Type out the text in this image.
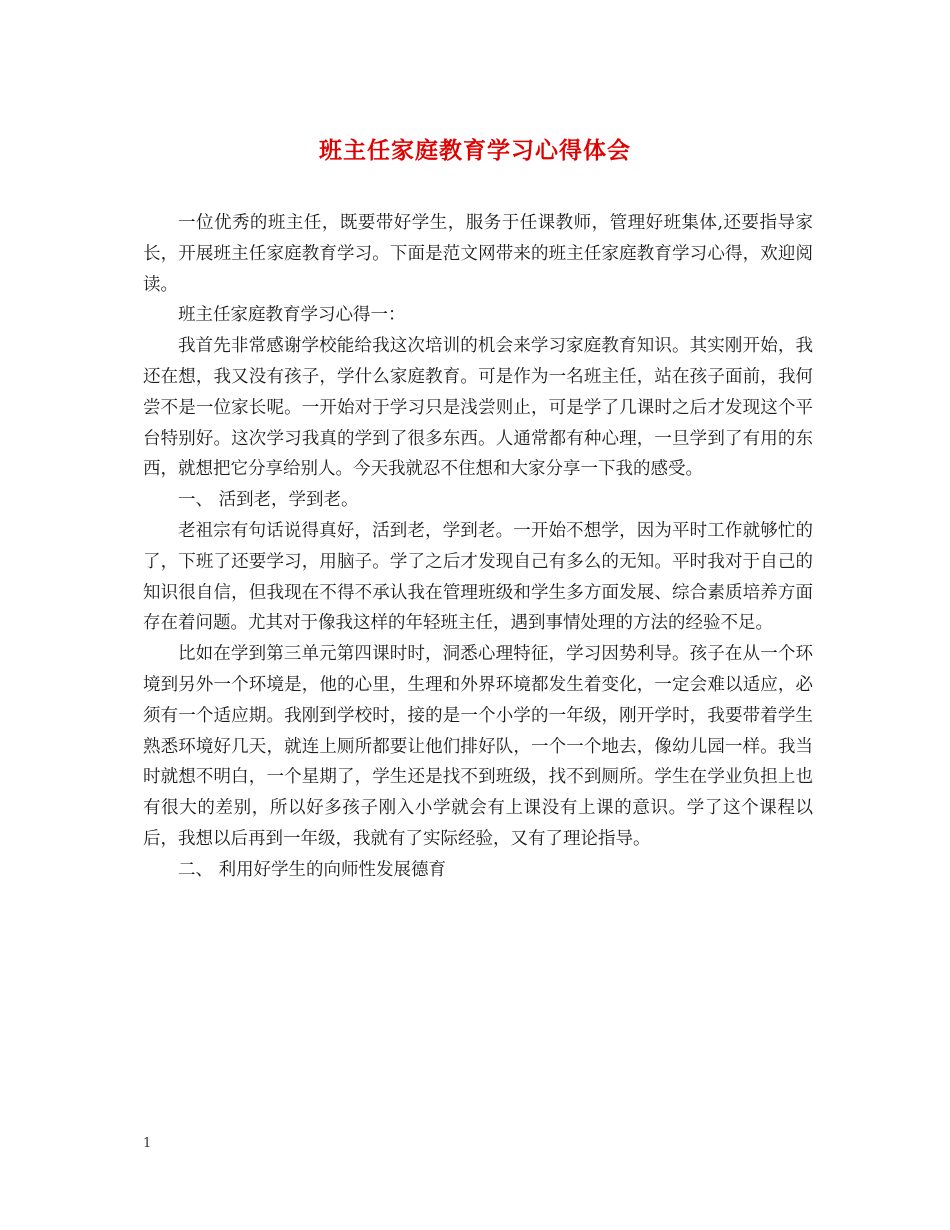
班主任家庭教育学习心得体会

一位优秀的班主任，既要带好学生，服务于任课教师，管理好班集体,还要指导家长，开展班主任家庭教育学习。下面是范文网带来的班主任家庭教育学习心得，欢迎阅读。

班主任家庭教育学习心得一：

我首先非常感谢学校能给我这次培训的机会来学习家庭教育知识。其实刚开始，我还在想，我又没有孩子，学什么家庭教育。可是作为一名班主任，站在孩子面前，我何尝不是一位家长呢。一开始对于学习只是浅尝则止，可是学了几课时之后才发现这个平台特别好。这次学习我真的学到了很多东西。人通常都有种心理，一旦学到了有用的东西，就想把它分享给别人。今天我就忍不住想和大家分享一下我的感受。

一、 活到老，学到老。

老祖宗有句话说得真好，活到老，学到老。一开始不想学，因为平时工作就够忙的了，下班了还要学习，用脑子。学了之后才发现自己有多么的无知。平时我对于自己的知识很自信，但我现在不得不承认我在管理班级和学生多方面发展、综合素质培养方面存在着问题。尤其对于像我这样的年轻班主任，遇到事情处理的方法的经验不足。

比如在学到第三单元第四课时时，洞悉心理特征，学习因势利导。孩子在从一个环境到另外一个环境是，他的心里，生理和外界环境都发生着变化，一定会难以适应，必须有一个适应期。我刚到学校时，接的是一个小学的一年级，刚开学时，我要带着学生熟悉环境好几天，就连上厕所都要让他们排好队，一个一个地去，像幼儿园一样。我当时就想不明白，一个星期了，学生还是找不到班级，找不到厕所。学生在学业负担上也有很大的差别，所以好多孩子刚入小学就会有上课没有上课的意识。学了这个课程以后，我想以后再到一年级，我就有了实际经验，又有了理论指导。

二、 利用好学生的向师性发展德育

1
